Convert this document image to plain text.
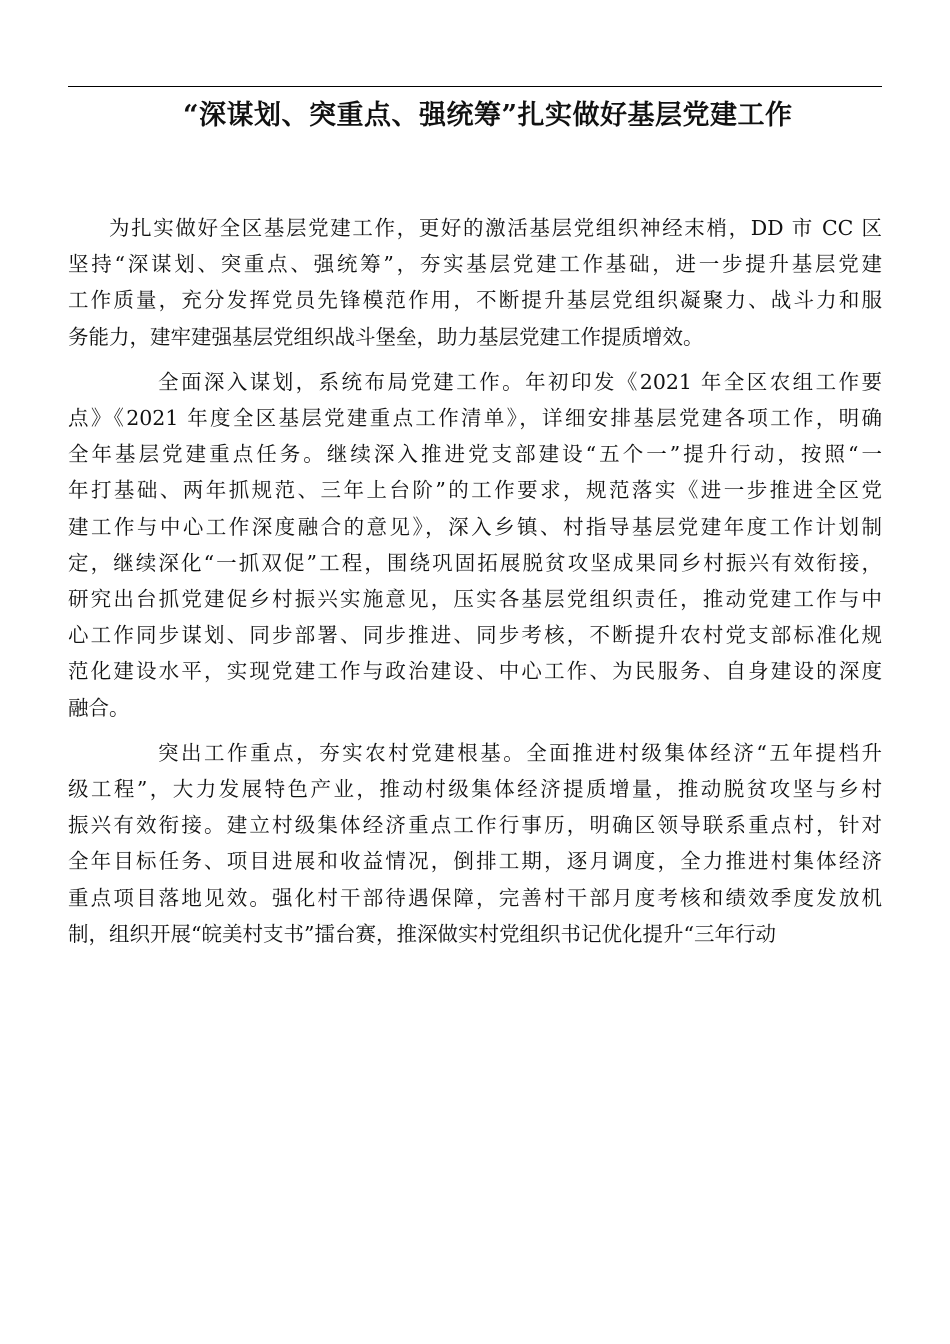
“深谋划、突重点、强统筹”扎实做好基层党建工作

为扎实做好全区基层党建工作，更好的激活基层党组织神经末梢，DD 市 CC 区
坚持“深谋划、突重点、强统筹”，夯实基层党建工作基础，进一步提升基层党建
工作质量，充分发挥党员先锋模范作用，不断提升基层党组织凝聚力、战斗力和服
务能力，建牢建强基层党组织战斗堡垒，助力基层党建工作提质增效。

全面深入谋划，系统布局党建工作。年初印发《2021 年全区农组工作要
点》《2021 年度全区基层党建重点工作清单》，详细安排基层党建各项工作，明确
全年基层党建重点任务。继续深入推进党支部建设“五个一”提升行动，按照“一
年打基础、两年抓规范、三年上台阶”的工作要求，规范落实《进一步推进全区党
建工作与中心工作深度融合的意见》，深入乡镇、村指导基层党建年度工作计划制
定，继续深化“一抓双促”工程，围绕巩固拓展脱贫攻坚成果同乡村振兴有效衔接，
研究出台抓党建促乡村振兴实施意见，压实各基层党组织责任，推动党建工作与中
心工作同步谋划、同步部署、同步推进、同步考核，不断提升农村党支部标准化规
范化建设水平，实现党建工作与政治建设、中心工作、为民服务、自身建设的深度
融合。

突出工作重点，夯实农村党建根基。全面推进村级集体经济“五年提档升
级工程”，大力发展特色产业，推动村级集体经济提质增量，推动脱贫攻坚与乡村
振兴有效衔接。建立村级集体经济重点工作行事历，明确区领导联系重点村，针对
全年目标任务、项目进展和收益情况，倒排工期，逐月调度，全力推进村集体经济
重点项目落地见效。强化村干部待遇保障，完善村干部月度考核和绩效季度发放机
制，组织开展“皖美村支书”擂台赛，推深做实村党组织书记优化提升“三年行动
